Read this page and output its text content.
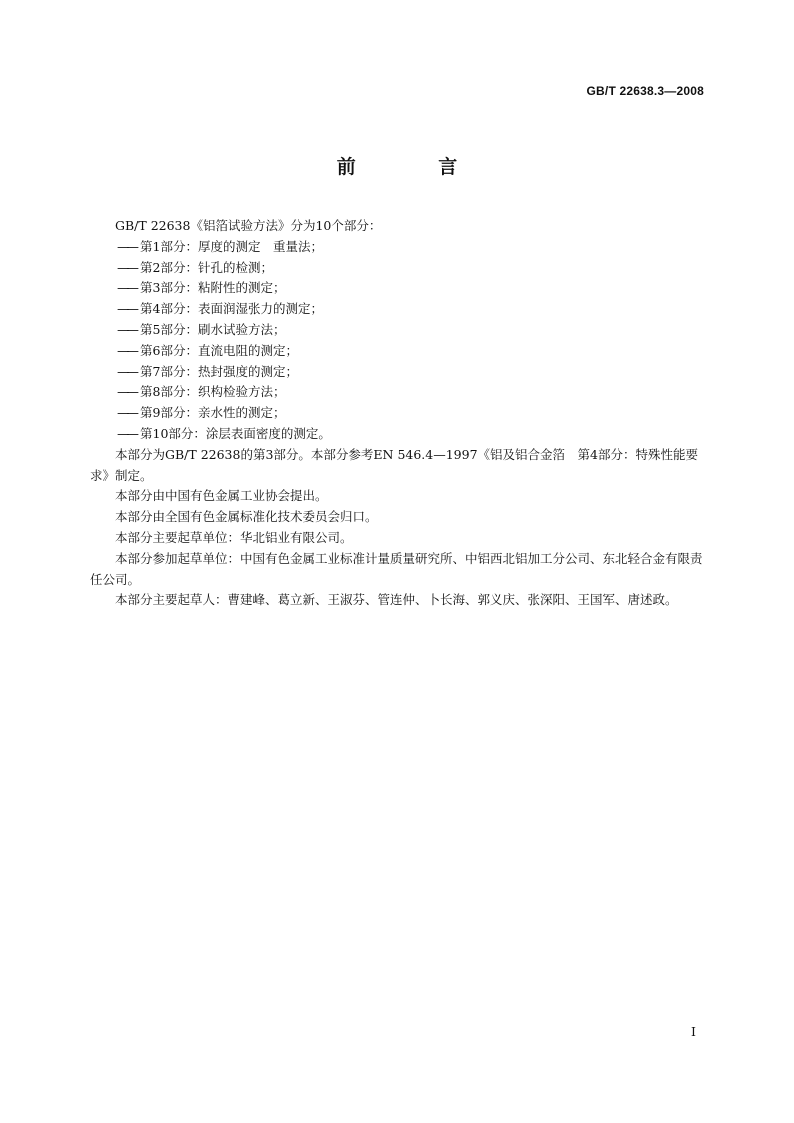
GB/T 22638.3—2008
前 言

GB/T 22638《铝箔试验方法》分为10个部分：

—— 第1部分：厚度的测定　重量法；

—— 第2部分：针孔的检测；

—— 第3部分：粘附性的测定；

—— 第4部分：表面润湿张力的测定；

—— 第5部分：刷水试验方法；

—— 第6部分：直流电阻的测定；

—— 第7部分：热封强度的测定；

—— 第8部分：织构检验方法；

—— 第9部分：亲水性的测定；

—— 第10部分：涂层表面密度的测定。

本部分为GB/T 22638的第3部分。本部分参考EN 546.4—1997《铝及铝合金箔　第4部分：特殊性能要求》制定。

本部分由中国有色金属工业协会提出。

本部分由全国有色金属标准化技术委员会归口。

本部分主要起草单位：华北铝业有限公司。

本部分参加起草单位：中国有色金属工业标准计量质量研究所、中铝西北铝加工分公司、东北轻合金有限责任公司。

本部分主要起草人：曹建峰、葛立新、王淑芬、管连仲、卜长海、郭义庆、张深阳、王国军、唐述政。

I
